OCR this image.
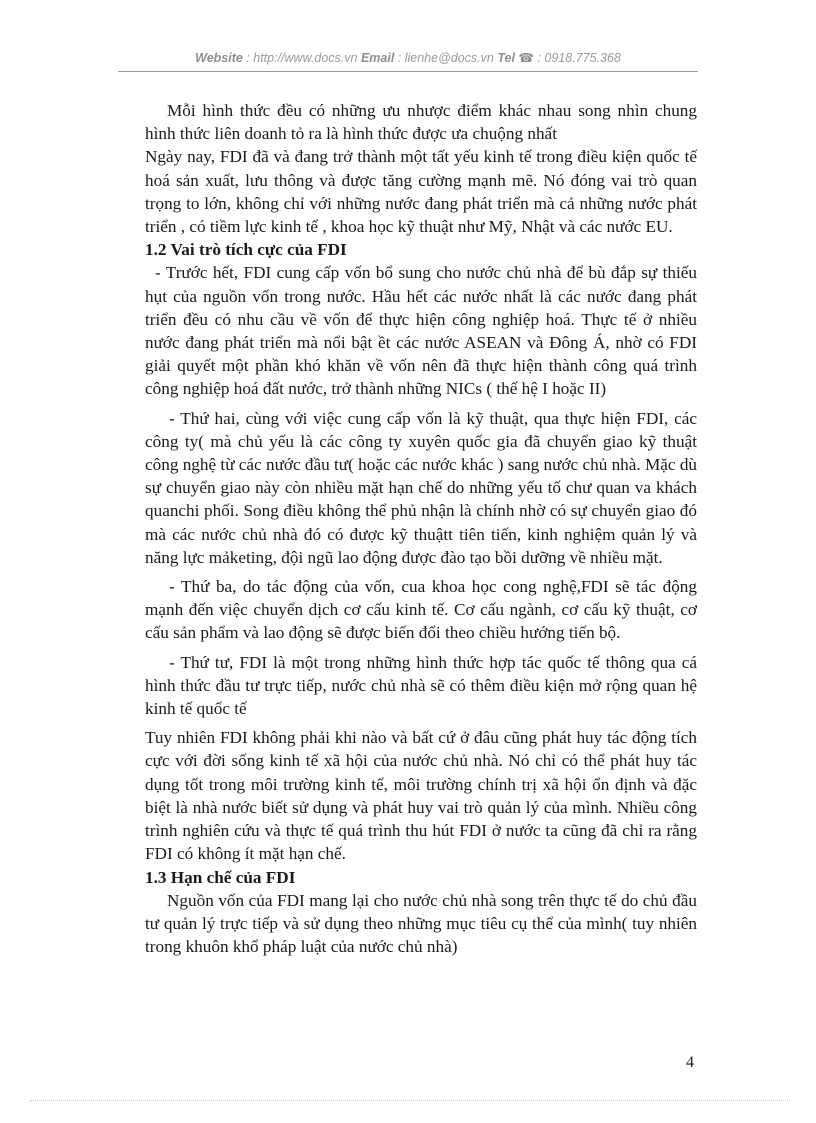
Website : http://www.docs.vn Email : lienhe@docs.vn Tel ☎ : 0918.775.368

Mỗi hình thức đều có những ưu nhược điểm khác nhau song nhìn chung hình thức liên doanh tỏ ra là hình thức được ưa chuộng nhất

Ngày nay, FDI đã và đang trở thành một tất yếu kinh tế trong điều kiện quốc tế hoá sản xuất, lưu thông và được tăng cường mạnh mẽ. Nó đóng vai trò quan trọng to lớn, không chỉ với những nước đang phát triển mà cả những nước phát triển , có tiềm lực kinh tế , khoa học kỹ thuật như Mỹ, Nhật và các nước EU.

1.2 Vai trò tích cực của FDI

- Trước hết, FDI cung cấp vốn bổ sung cho nước chủ nhà để bù đắp sự thiếu hụt của nguồn vốn trong nước. Hầu hết các nước nhất là các nước đang phát triển đều có nhu cầu về vốn để thực hiện công nghiệp hoá. Thực tế ở nhiều nước đang phát triển mà nổi bật ềt các nước ASEAN và Đông Á, nhờ có FDI giải quyết một phần khó khăn về vốn nên đã thực hiện thành công quá trình công nghiệp hoá đất nước, trở thành những NICs ( thế hệ I hoặc II)

- Thứ hai, cùng với việc cung cấp vốn là kỹ thuật, qua thực hiện FDI, các công ty( mà chủ yếu là các công ty xuyên quốc gia đã chuyển giao kỹ thuật công nghệ từ các nước đầu tư( hoặc các nước khác ) sang nước chủ nhà. Mặc dù sự chuyển giao này còn nhiều mặt hạn chế do những yếu tố chư quan va khách quanchi phối. Song điều không thể phủ nhận là chính nhờ có sự chuyển giao đó mà các nước chủ nhà đó có được kỹ thuậtt tiên tiến, kinh nghiệm quản lý và năng lực mảketing, đội ngũ lao động được đào tạo bồi dưỡng về nhiều mặt.

- Thứ ba, do tác động của vốn, cua khoa học cong nghệ,FDI sẽ tác động mạnh đến việc chuyển dịch cơ cấu kinh tế. Cơ cấu ngành, cơ cấu kỹ thuật, cơ cấu sản phẩm và lao động sẽ được biến đổi theo chiều hướng tiến bộ.

- Thứ tư, FDI là một trong những hình thức hợp tác quốc tế thông qua cá hình thức đầu tư trực tiếp, nước chủ nhà sẽ có thêm điều kiện mở rộng quan hệ kinh tế quốc tế

Tuy nhiên FDI không phải khi nào và bất cứ ở đâu cũng phát huy tác động tích cực với đời sống kinh tế xã hội của nước chủ nhà. Nó chỉ có thể phát huy tác dụng tốt trong môi trường kinh tế, môi trường chính trị xã hội ổn định và đặc biệt là nhà nước biết sử dụng và phát huy vai trò quản lý của mình. Nhiều công trình nghiên cứu và thực tế quá trình thu hút FDI ở nước ta cũng đã chỉ ra rằng FDI có không ít mặt hạn chế.

1.3 Hạn chế của FDI

Nguồn vốn của FDI mang lại cho nước chủ nhà song trên thực tế do chủ đầu tư quản lý trực tiếp và sử dụng theo những mục tiêu cụ thể của mình( tuy nhiên trong khuôn khổ pháp luật của nước chủ nhà)

4
